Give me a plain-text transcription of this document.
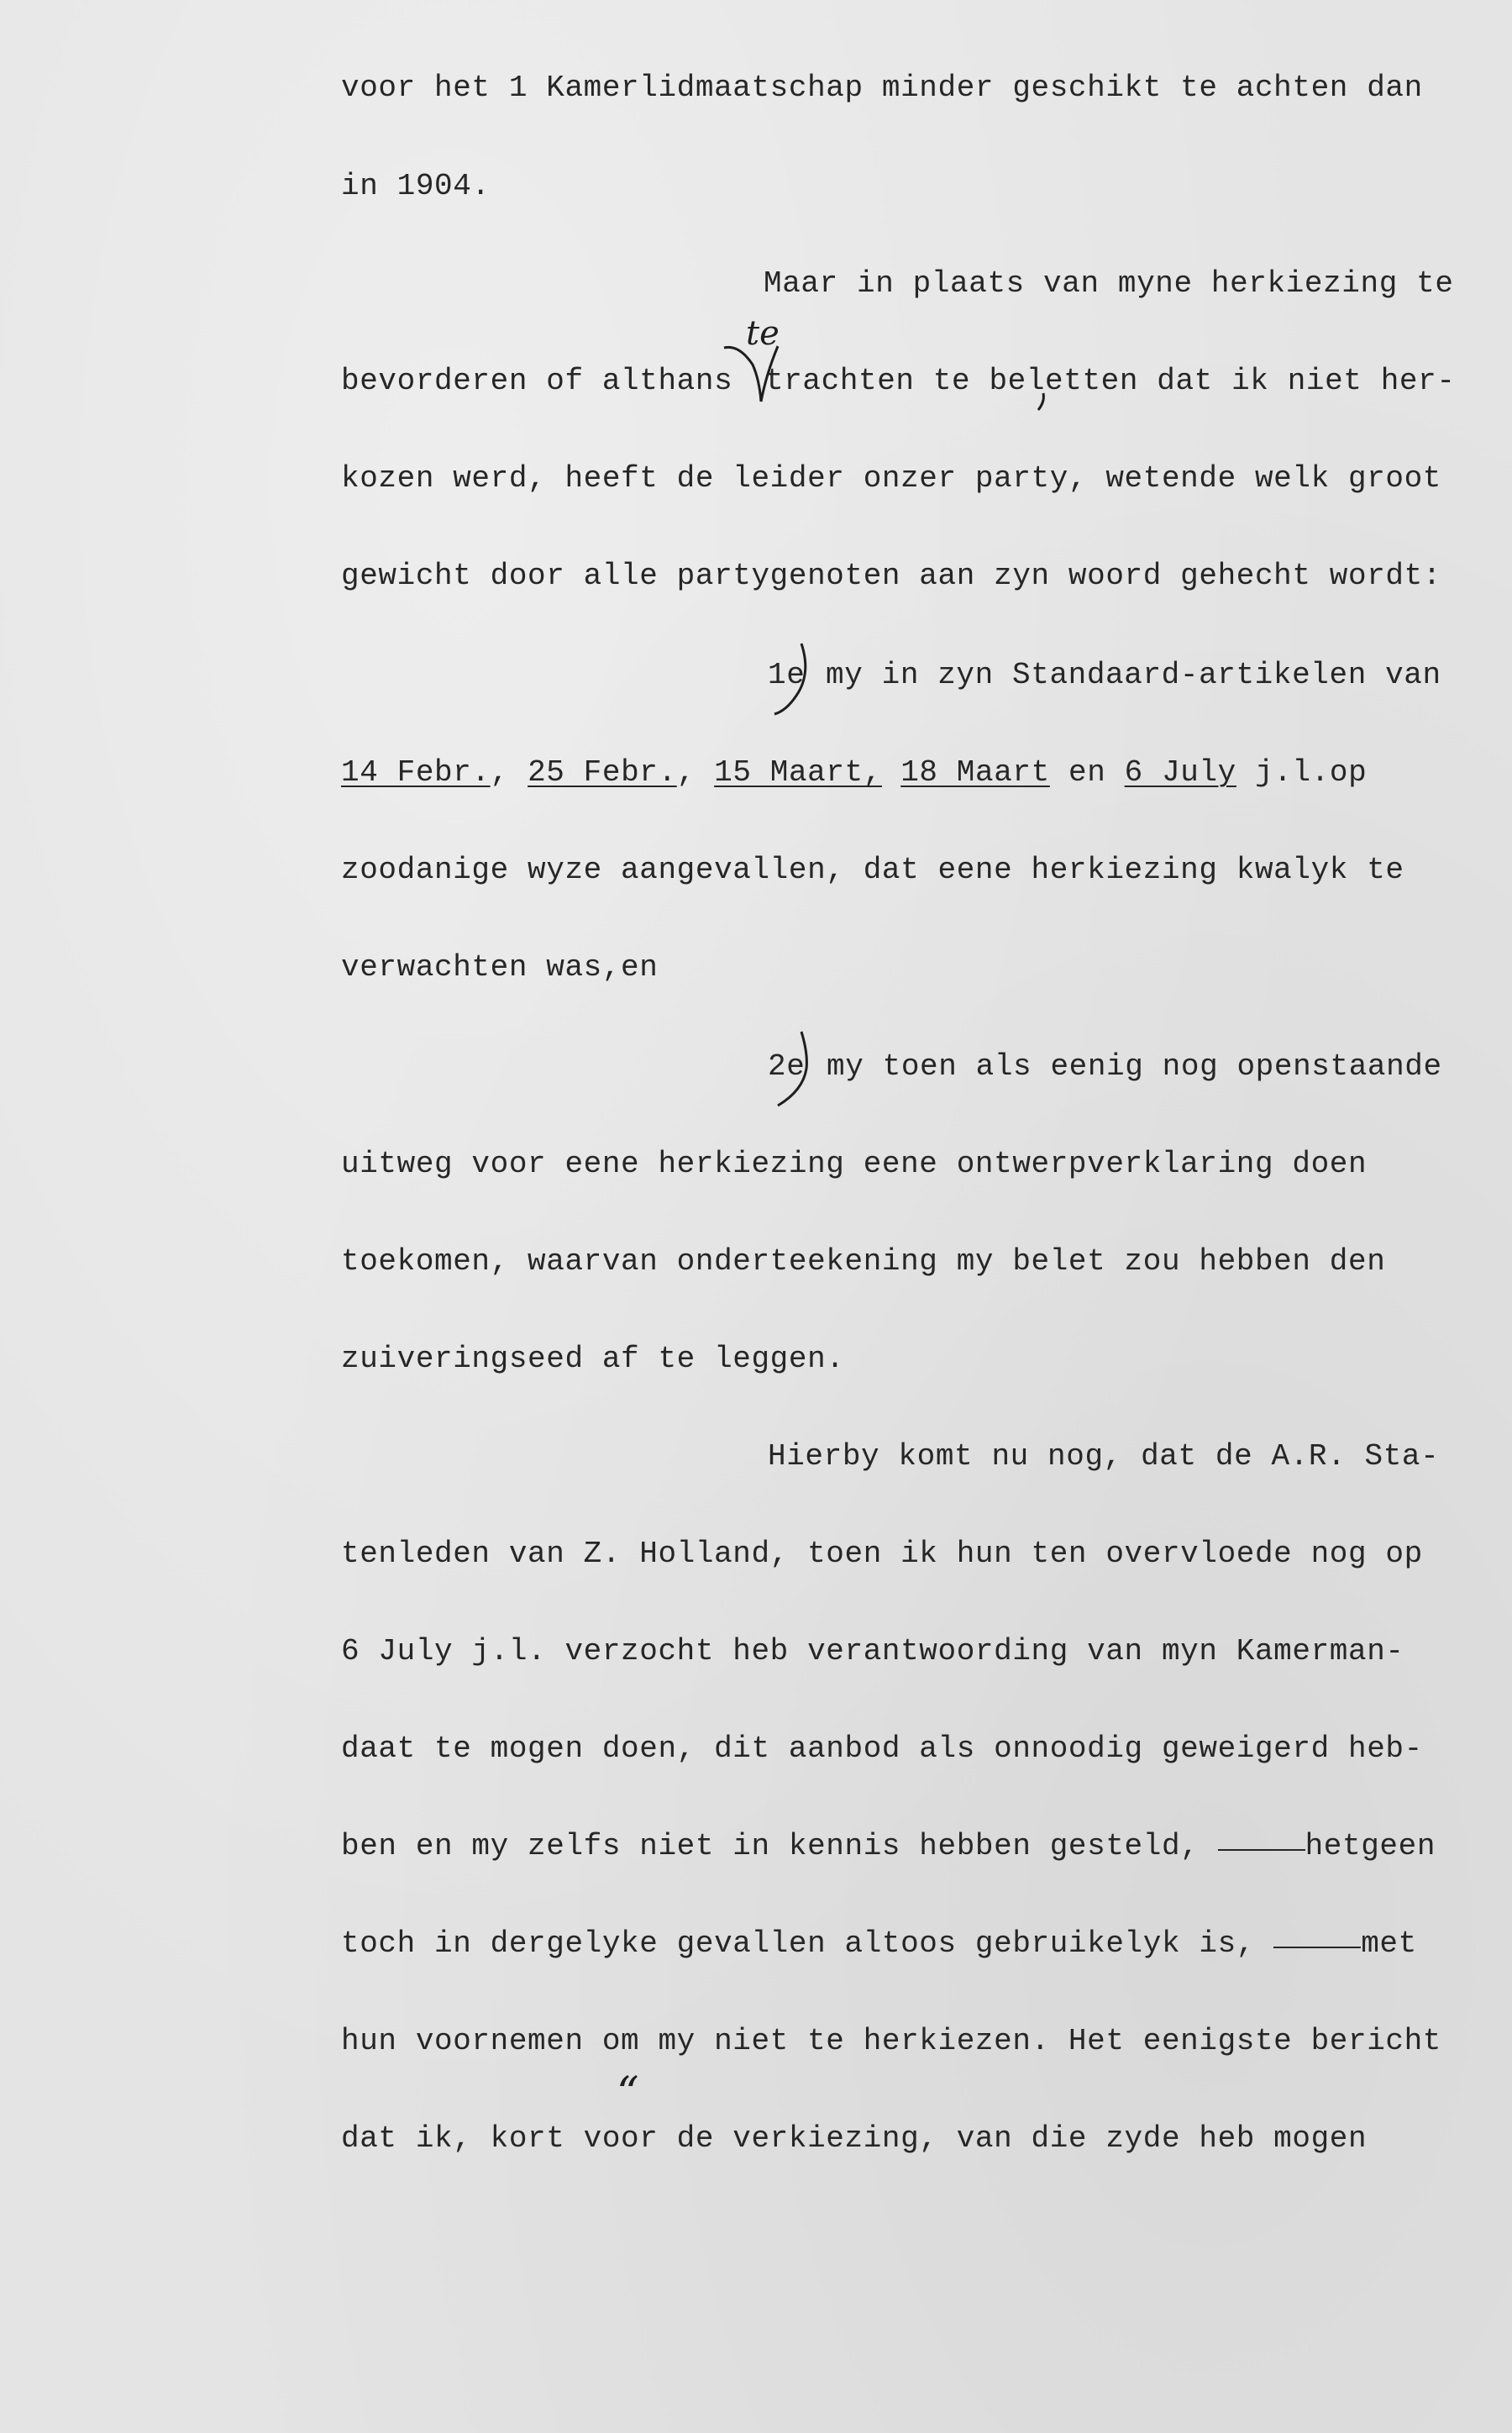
voor het 1 Kamerlidmaatschap minder geschikt te achten dan
in 1904.
Maar in plaats van myne herkiezing te
bevorderen of althans trachten te beletten dat ik niet her-
te
kozen werd, heeft de leider onzer party, wetende welk groot
gewicht door alle partygenoten aan zyn woord gehecht wordt:
1e my in zyn Standaard-artikelen van
14 Febr., 25 Febr., 15 Maart, 18 Maart en 6 July j.l.op
zoodanige wyze aangevallen, dat eene herkiezing kwalyk te
verwachten was,en
2e my toen als eenig nog openstaande
uitweg voor eene herkiezing eene ontwerpverklaring doen
toekomen, waarvan onderteekening my belet zou hebben den
zuiveringseed af te leggen.
Hierby komt nu nog, dat de A.R. Sta-
tenleden van Z. Holland, toen ik hun ten overvloede nog op
6 July j.l. verzocht heb verantwoording van myn Kamerman-
daat te mogen doen, dit aanbod als onnoodig geweigerd heb-
ben en my zelfs niet in kennis hebben gesteld,	hetgeen
toch in dergelyke gevallen altoos gebruikelyk is,	met
hun voornemen om my niet te herkiezen. Het eenigste bericht
“
dat ik, kort voor de verkiezing, van die zyde heb mogen
